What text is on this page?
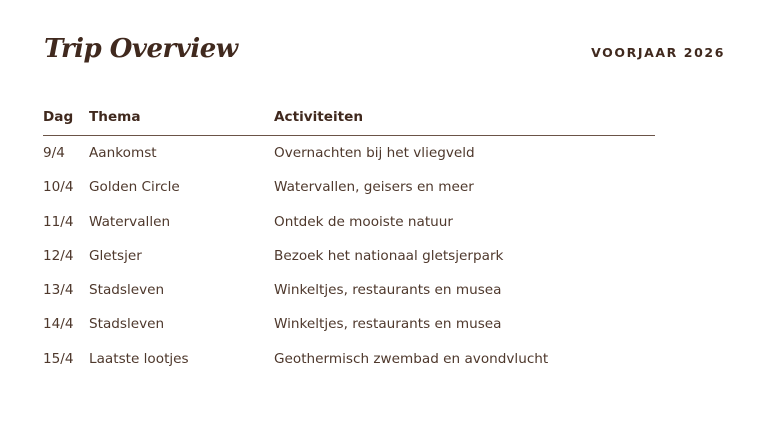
Trip Overview	VOORJAAR 2026
Dag Thema	Activiteiten
9/4 Aankomst	Overnachten bij het vliegveld
10/4 Golden Circle	Watervallen, geisers en meer
11/4 Watervallen	Ontdek de mooiste natuur
12/4 Gletsjer	Bezoek het nationaal gletsjerpark
13/4 Stadsleven	Winkeltjes, restaurants en musea
14/4 Stadsleven	Winkeltjes, restaurants en musea
15/4 Laatste lootjes	Geothermisch zwembad en avondvlucht
